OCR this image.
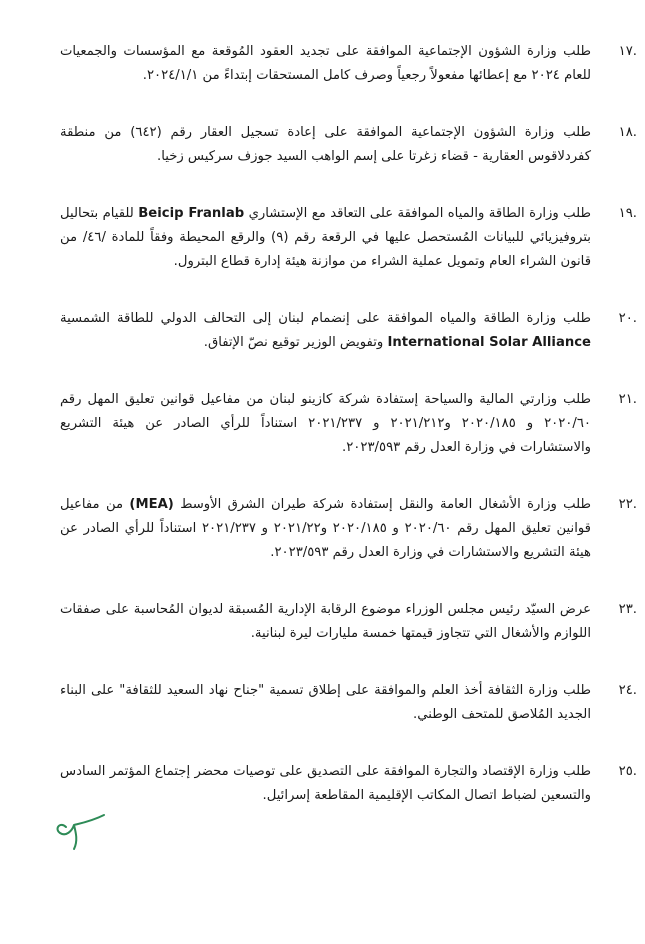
.١٧
طلب وزارة الشؤون الإجتماعية الموافقة على تجديد العقود المُوقعة مع المؤسسات والجمعيات للعام ٢٠٢٤ مع إعطائها مفعولاً رجعياً وصرف كامل المستحقات إبتداءً من ٢٠٢٤/١/١.
.١٨
طلب وزارة الشؤون الإجتماعية الموافقة على إعادة تسجيل العقار رقم (٦٤٢) من منطقة كفردلاقوس العقارية - قضاء زغرتا على إسم الواهب السيد جوزف سركيس زخيا.
.١٩
طلب وزارة الطاقة والمياه الموافقة على التعاقد مع الإستشاري Beicip Franlab للقيام بتحاليل بتروفيزيائي للبيانات المُستحصل عليها في الرقعة رقم (٩) والرقع المحيطة وفقاً للمادة /٤٦/ من قانون الشراء العام وتمويل عملية الشراء من موازنة هيئة إدارة قطاع البترول.
.٢٠
طلب وزارة الطاقة والمياه الموافقة على إنضمام لبنان إلى التحالف الدولي للطاقة الشمسية International Solar Alliance وتفويض الوزير توقيع نصّ الإتفاق.
.٢١
طلب وزارتي المالية والسياحة إستفادة شركة كازينو لبنان من مفاعيل قوانين تعليق المهل رقم ٢٠٢٠/٦٠ و ٢٠٢٠/١٨٥ و٢٠٢١/٢١٢ و ٢٠٢١/٢٣٧ استناداً للرأي الصادر عن هيئة التشريع والاستشارات في وزارة العدل رقم ٢٠٢٣/٥٩٣.
.٢٢
طلب وزارة الأشغال العامة والنقل إستفادة شركة طيران الشرق الأوسط (MEA) من مفاعيل قوانين تعليق المهل رقم ٢٠٢٠/٦٠ و ٢٠٢٠/١٨٥ و٢٠٢١/٢٢ و ٢٠٢١/٢٣٧ استناداً للرأي الصادر عن هيئة التشريع والاستشارات في وزارة العدل رقم ٢٠٢٣/٥٩٣.
.٢٣
عرض السيّد رئيس مجلس الوزراء موضوع الرقابة الإدارية المُسبقة لديوان المُحاسبة على صفقات اللوازم والأشغال التي تتجاوز قيمتها خمسة مليارات ليرة لبنانية.
.٢٤
طلب وزارة الثقافة أخذ العلم والموافقة على إطلاق تسمية "جناح نهاد السعيد للثقافة" على البناء الجديد المُلاصق للمتحف الوطني.
.٢٥
طلب وزارة الإقتصاد والتجارة الموافقة على التصديق على توصيات محضر إجتماع المؤتمر السادس والتسعين لضباط اتصال المكاتب الإقليمية المقاطعة إسرائيل.
